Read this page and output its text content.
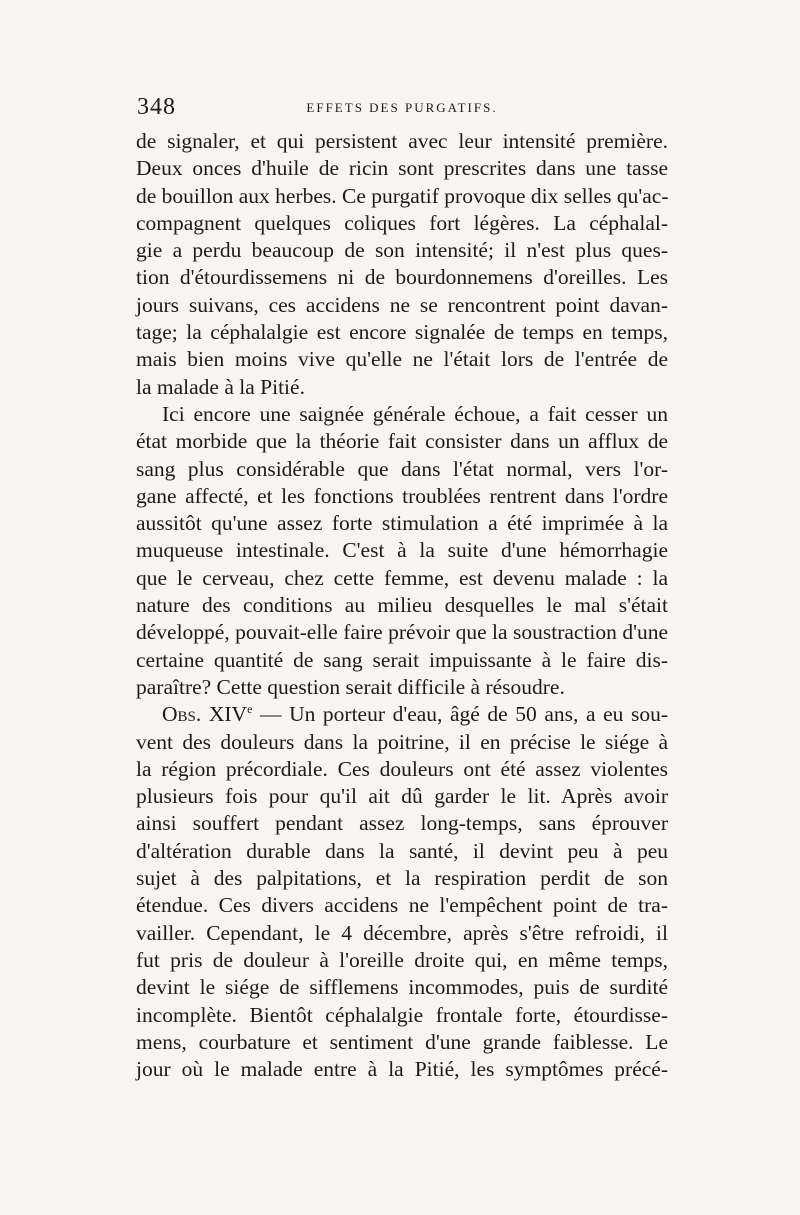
348	EFFETS DES PURGATIFS.
de signaler, et qui persistent avec leur intensité première.
Deux onces d'huile de ricin sont prescrites dans une tasse
de bouillon aux herbes. Ce purgatif provoque dix selles qu'ac-
compagnent quelques coliques fort légères. La céphalal-
gie a perdu beaucoup de son intensité; il n'est plus ques-
tion d'étourdissemens ni de bourdonnemens d'oreilles. Les
jours suivans, ces accidens ne se rencontrent point davan-
tage; la céphalalgie est encore signalée de temps en temps,
mais bien moins vive qu'elle ne l'était lors de l'entrée de
la malade à la Pitié.
Ici encore une saignée générale échoue, a fait cesser un
état morbide que la théorie fait consister dans un afflux de
sang plus considérable que dans l'état normal, vers l'or-
gane affecté, et les fonctions troublées rentrent dans l'ordre
aussitôt qu'une assez forte stimulation a été imprimée à la
muqueuse intestinale. C'est à la suite d'une hémorrhagie
que le cerveau, chez cette femme, est devenu malade : la
nature des conditions au milieu desquelles le mal s'était
développé, pouvait-elle faire prévoir que la soustraction d'une
certaine quantité de sang serait impuissante à le faire dis-
paraître? Cette question serait difficile à résoudre.
Obs. XIVe — Un porteur d'eau, âgé de 50 ans, a eu sou-
vent des douleurs dans la poitrine, il en précise le siége à
la région précordiale. Ces douleurs ont été assez violentes
plusieurs fois pour qu'il ait dû garder le lit. Après avoir
ainsi souffert pendant assez long-temps, sans éprouver
d'altération durable dans la santé, il devint peu à peu
sujet à des palpitations, et la respiration perdit de son
étendue. Ces divers accidens ne l'empêchent point de tra-
vailler. Cependant, le 4 décembre, après s'être refroidi, il
fut pris de douleur à l'oreille droite qui, en même temps,
devint le siége de sifflemens incommodes, puis de surdité
incomplète. Bientôt céphalalgie frontale forte, étourdisse-
mens, courbature et sentiment d'une grande faiblesse. Le
jour où le malade entre à la Pitié, les symptômes précé-
